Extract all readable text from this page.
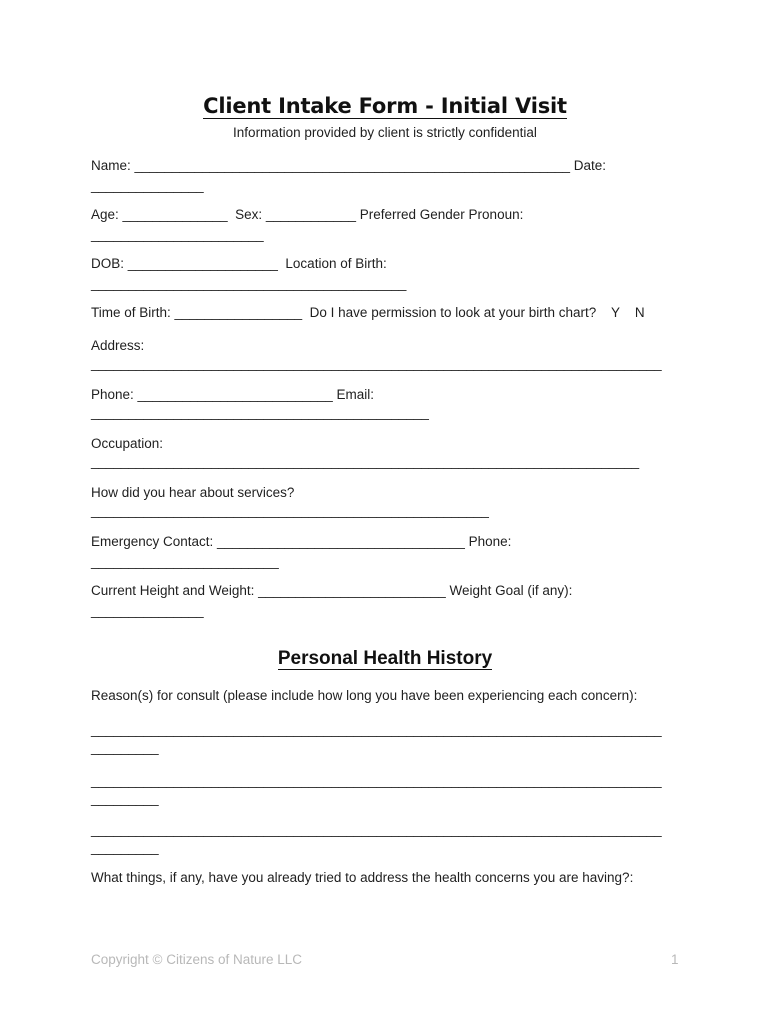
Client Intake Form - Initial Visit
Information provided by client is strictly confidential
Name: __________________________________________________________ Date:
_______________
Age: ______________  Sex: ____________ Preferred Gender Pronoun:
_______________________
DOB: ____________________  Location of Birth:
__________________________________________
Time of Birth: _________________  Do I have permission to look at your birth chart?    Y    N
Address:
____________________________________________________________________________
Phone: __________________________ Email:
_____________________________________________
Occupation:
_________________________________________________________________________
How did you hear about services?
_____________________________________________________
Emergency Contact: _________________________________ Phone:
_________________________
Current Height and Weight: _________________________ Weight Goal (if any):
_______________
Personal Health History
Reason(s) for consult (please include how long you have been experiencing each concern):
____________________________________________________________________________
_________
____________________________________________________________________________
_________
____________________________________________________________________________
_________
What things, if any, have you already tried to address the health concerns you are having?:
Copyright © Citizens of Nature LLC	1
